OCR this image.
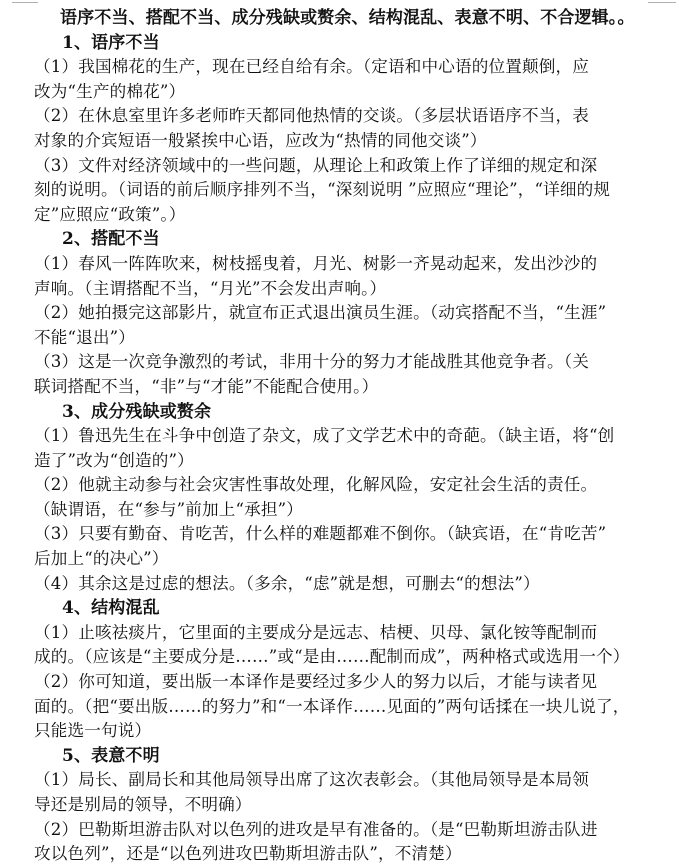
语序不当、搭配不当、成分残缺或赘余、结构混乱、表意不明、不合逻辑。。
1、语序不当
（1）我国棉花的生产，现在已经自给有余。（定语和中心语的位置颠倒，应
改为“生产的棉花”）
（2）在休息室里许多老师昨天都同他热情的交谈。（多层状语语序不当，表
对象的介宾短语一般紧挨中心语，应改为“热情的同他交谈”）
（3）文件对经济领域中的一些问题，从理论上和政策上作了详细的规定和深
刻的说明。（词语的前后顺序排列不当，“深刻说明 ”应照应“理论”，“详细的规
定”应照应“政策”。）
2、搭配不当
（1）春风一阵阵吹来，树枝摇曳着，月光、树影一齐晃动起来，发出沙沙的
声响。（主谓搭配不当，“月光”不会发出声响。）
（2）她拍摄完这部影片，就宣布正式退出演员生涯。（动宾搭配不当，“生涯”
不能“退出”）
（3）这是一次竞争激烈的考试，非用十分的努力才能战胜其他竞争者。（关
联词搭配不当，“非”与“才能”不能配合使用。）
3、成分残缺或赘余
（1）鲁迅先生在斗争中创造了杂文，成了文学艺术中的奇葩。（缺主语，将“创
造了”改为“创造的”）
（2）他就主动参与社会灾害性事故处理，化解风险，安定社会生活的责任。
（缺谓语，在“参与”前加上“承担”）
（3）只要有勤奋、肯吃苦，什么样的难题都难不倒你。（缺宾语，在“肯吃苦”
后加上“的决心”）
（4）其余这是过虑的想法。（多余，“虑”就是想，可删去“的想法”）
4、结构混乱
（1）止咳祛痰片，它里面的主要成分是远志、桔梗、贝母、氯化铵等配制而
成的。（应该是“主要成分是……”或“是由……配制而成”，两种格式或选用一个）
（2）你可知道，要出版一本译作是要经过多少人的努力以后，才能与读者见
面的。（把“要出版……的努力”和“一本译作……见面的”两句话揉在一块儿说了，
只能选一句说）
5、表意不明
（1）局长、副局长和其他局领导出席了这次表彰会。（其他局领导是本局领
导还是别局的领导，不明确）
（2）巴勒斯坦游击队对以色列的进攻是早有准备的。（是“巴勒斯坦游击队进
攻以色列”，还是“以色列进攻巴勒斯坦游击队”，不清楚）
